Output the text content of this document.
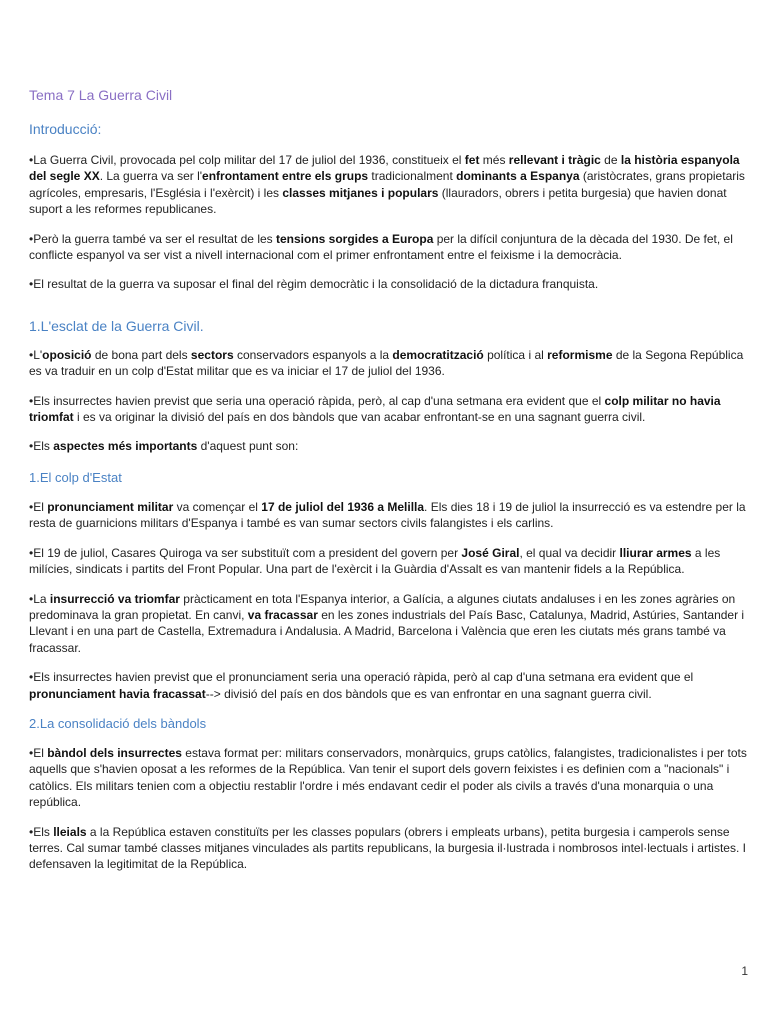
Tema 7 La Guerra Civil
Introducció:

•La Guerra Civil, provocada pel colp militar del 17 de juliol del 1936, constitueix el fet més rellevant i tràgic de la història espanyola del segle XX. La guerra va ser l'enfrontament entre els grups tradicionalment dominants a Espanya (aristòcrates, grans propietaris agrícoles, empresaris, l'Església i l'exèrcit) i les classes mitjanes i populars (llauradors, obrers i petita burgesia) que havien donat suport a les reformes republicanes.

•Però la guerra també va ser el resultat de les tensions sorgides a Europa per la difícil conjuntura de la dècada del 1930. De fet, el conflicte espanyol va ser vist a nivell internacional com el primer enfrontament entre el feixisme i la democràcia.

•El resultat de la guerra va suposar el final del règim democràtic i la consolidació de la dictadura franquista.

1.L'esclat de la Guerra Civil.

•L'oposició de bona part dels sectors conservadors espanyols a la democratització política i al reformisme de la Segona República es va traduir en un colp d'Estat militar que es va iniciar el 17 de juliol del 1936.

•Els insurrectes havien previst que seria una operació ràpida, però, al cap d'una setmana era evident que el colp militar no havia triomfat i es va originar la divisió del país en dos bàndols que van acabar enfrontant-se en una sagnant guerra civil.

•Els aspectes més importants d'aquest punt son:

1.El colp d'Estat

•El pronunciament militar va començar el 17 de juliol del 1936 a Melilla. Els dies 18 i 19 de juliol la insurrecció es va estendre per la resta de guarnicions militars d'Espanya i també es van sumar sectors civils falangistes i els carlins.

•El 19 de juliol, Casares Quiroga va ser substituït com a president del govern per José Giral, el qual va decidir lliurar armes a les milícies, sindicats i partits del Front Popular. Una part de l'exèrcit i la Guàrdia d'Assalt es van mantenir fidels a la República.

•La insurrecció va triomfar pràcticament en tota l'Espanya interior, a Galícia, a algunes ciutats andaluses i en les zones agràries on predominava la gran propietat. En canvi, va fracassar en les zones industrials del País Basc, Catalunya, Madrid, Astúries, Santander i Llevant i en una part de Castella, Extremadura i Andalusia. A Madrid, Barcelona i València que eren les ciutats més grans també va fracassar.

•Els insurrectes havien previst que el pronunciament seria una operació ràpida, però al cap d'una setmana era evident que el pronunciament havia fracassat--> divisió del país en dos bàndols que es van enfrontar en una sagnant guerra civil.

2.La consolidació dels bàndols

•El bàndol dels insurrectes estava format per: militars conservadors, monàrquics, grups catòlics, falangistes, tradicionalistes i per tots aquells que s'havien oposat a les reformes de la República. Van tenir el suport dels govern feixistes i es definien com a "nacionals" i catòlics. Els militars tenien com a objectiu restablir l'ordre i més endavant cedir el poder als civils a través d'una monarquia o una república.

•Els lleials a la República estaven constituïts per les classes populars (obrers i empleats urbans), petita burgesia i camperols sense terres. Cal sumar també classes mitjanes vinculades als partits republicans, la burgesia il·lustrada i nombrosos intel·lectuals i artistes. I defensaven la legitimitat de la República.

1
